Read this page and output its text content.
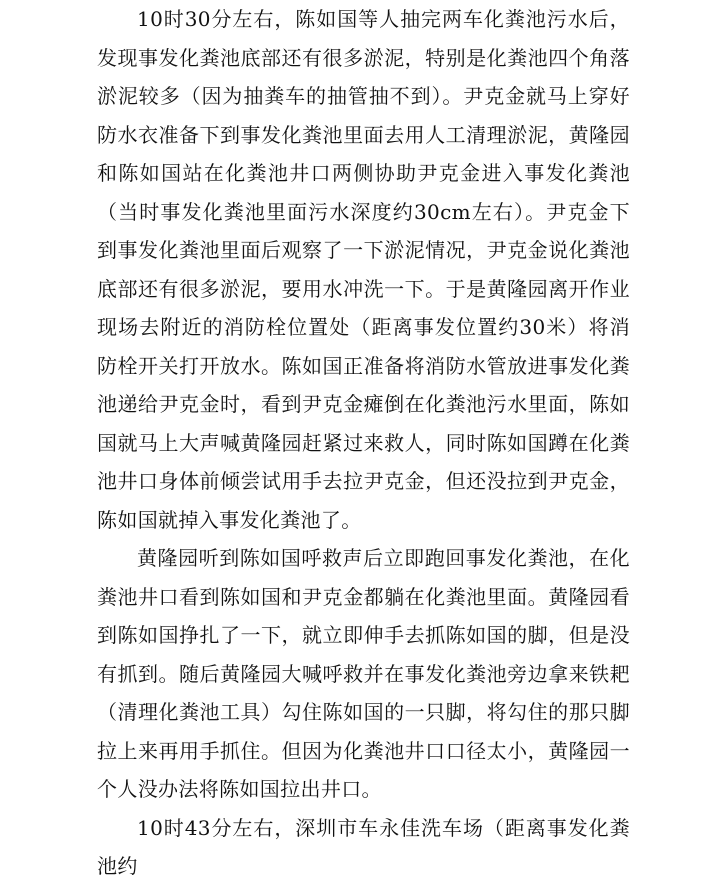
10时30分左右，陈如国等人抽完两车化粪池污水后，发现事发化粪池底部还有很多淤泥，特别是化粪池四个角落淤泥较多（因为抽粪车的抽管抽不到）。尹克金就马上穿好防水衣准备下到事发化粪池里面去用人工清理淤泥，黄隆园和陈如国站在化粪池井口两侧协助尹克金进入事发化粪池（当时事发化粪池里面污水深度约30cm左右）。尹克金下到事发化粪池里面后观察了一下淤泥情况，尹克金说化粪池底部还有很多淤泥，要用水冲洗一下。于是黄隆园离开作业现场去附近的消防栓位置处（距离事发位置约30米）将消防栓开关打开放水。陈如国正准备将消防水管放进事发化粪池递给尹克金时，看到尹克金瘫倒在化粪池污水里面，陈如国就马上大声喊黄隆园赶紧过来救人，同时陈如国蹲在化粪池井口身体前倾尝试用手去拉尹克金，但还没拉到尹克金，陈如国就掉入事发化粪池了。

黄隆园听到陈如国呼救声后立即跑回事发化粪池，在化粪池井口看到陈如国和尹克金都躺在化粪池里面。黄隆园看到陈如国挣扎了一下，就立即伸手去抓陈如国的脚，但是没有抓到。随后黄隆园大喊呼救并在事发化粪池旁边拿来铁耙（清理化粪池工具）勾住陈如国的一只脚，将勾住的那只脚拉上来再用手抓住。但因为化粪池井口口径太小，黄隆园一个人没办法将陈如国拉出井口。

10时43分左右，深圳市车永佳洗车场（距离事发化粪池约
